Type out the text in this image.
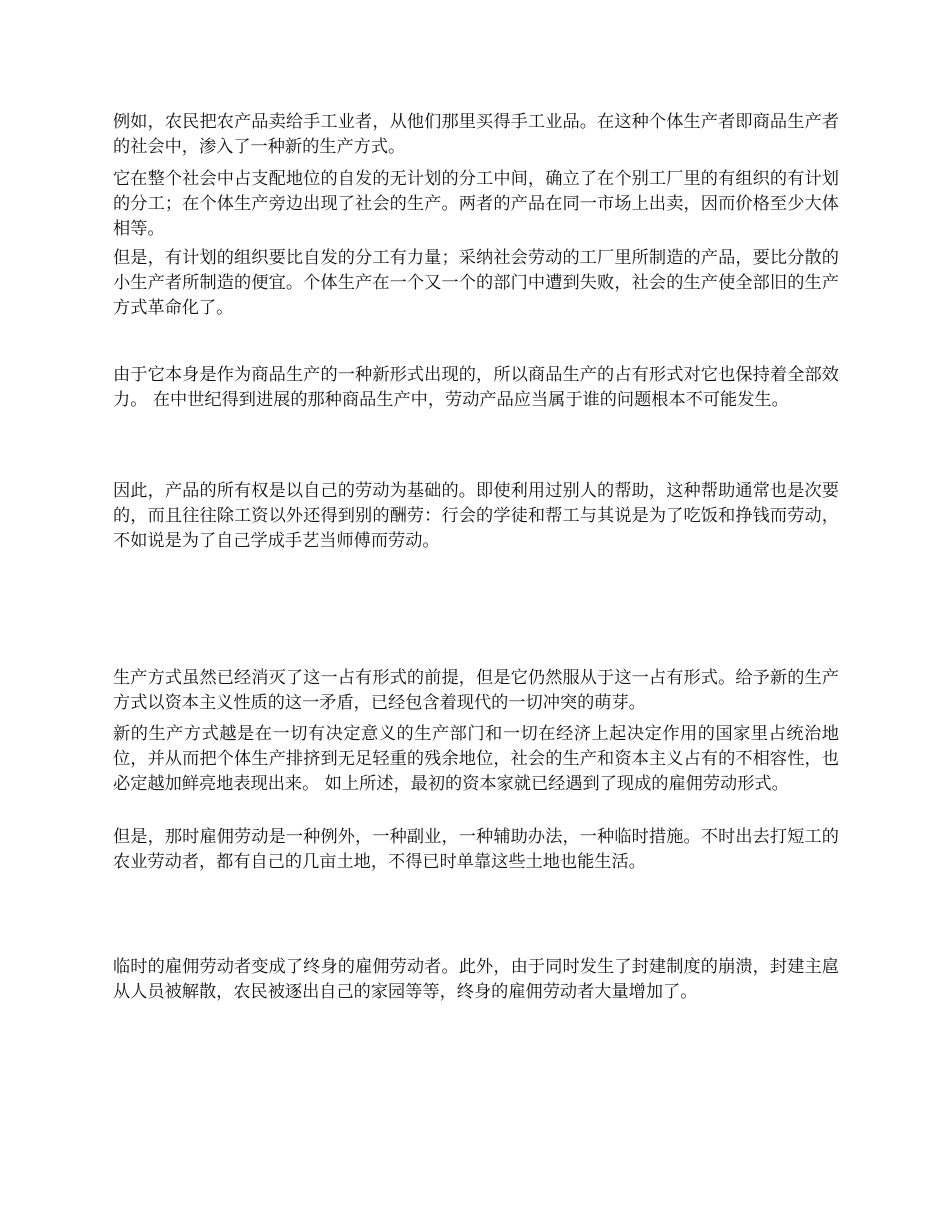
例如，农民把农产品卖给手工业者，从他们那里买得手工业品。在这种个体生产者即商品生产者的社会中，渗入了一种新的生产方式。

它在整个社会中占支配地位的自发的无计划的分工中间，确立了在个别工厂里的有组织的有计划的分工；在个体生产旁边出现了社会的生产。两者的产品在同一市场上出卖，因而价格至少大体相等。

但是，有计划的组织要比自发的分工有力量；采纳社会劳动的工厂里所制造的产品，要比分散的小生产者所制造的便宜。个体生产在一个又一个的部门中遭到失败，社会的生产使全部旧的生产方式革命化了。

由于它本身是作为商品生产的一种新形式出现的，所以商品生产的占有形式对它也保持着全部效力。 在中世纪得到进展的那种商品生产中，劳动产品应当属于谁的问题根本不可能发生。

因此，产品的所有权是以自己的劳动为基础的。即使利用过别人的帮助，这种帮助通常也是次要的，而且往往除工资以外还得到别的酬劳：行会的学徒和帮工与其说是为了吃饭和挣钱而劳动，不如说是为了自己学成手艺当师傅而劳动。

生产方式虽然已经消灭了这一占有形式的前提，但是它仍然服从于这一占有形式。给予新的生产方式以资本主义性质的这一矛盾，已经包含着现代的一切冲突的萌芽。

新的生产方式越是在一切有决定意义的生产部门和一切在经济上起决定作用的国家里占统治地位，并从而把个体生产排挤到无足轻重的残余地位，社会的生产和资本主义占有的不相容性，也必定越加鲜亮地表现出来。 如上所述，最初的资本家就已经遇到了现成的雇佣劳动形式。

但是，那时雇佣劳动是一种例外，一种副业，一种辅助办法，一种临时措施。不时出去打短工的农业劳动者，都有自己的几亩土地，不得已时单靠这些土地也能生活。

临时的雇佣劳动者变成了终身的雇佣劳动者。此外，由于同时发生了封建制度的崩溃，封建主扈从人员被解散，农民被逐出自己的家园等等，终身的雇佣劳动者大量增加了。
